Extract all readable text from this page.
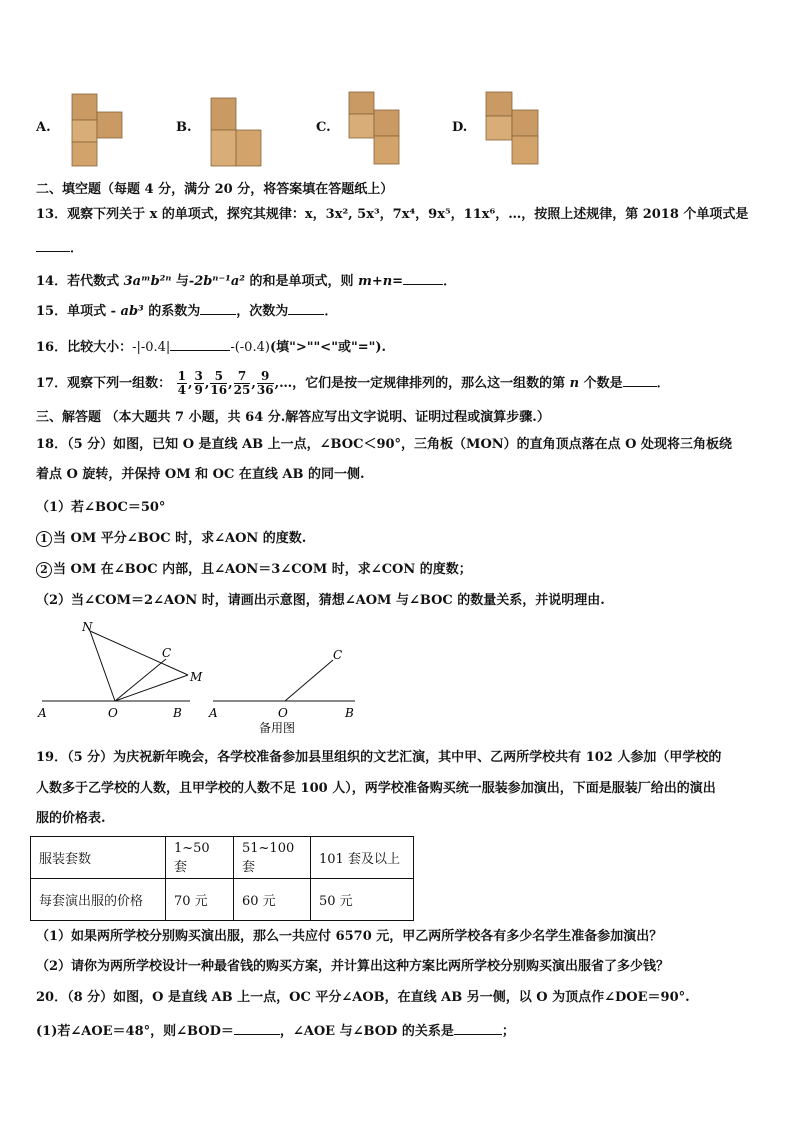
A.	B.	C.	D.
二、填空题（每题 4 分，满分 20 分，将答案填在答题纸上）
13．观察下列关于 x 的单项式，探究其规律：x，3x², 5x³，7x⁴，9x⁵，11x⁶，…，按照上述规律，第 2018 个单项式是
．
14．若代数式 3aᵐb²ⁿ 与-2bⁿ⁻¹a² 的和是单项式，则 m+n=	．
15．单项式 - ab³ 的系数为	，次数为	．
16．比较大小：-|-0.4|	-(-0.4)(填">""<"或"=").
17．观察下列一组数： $\frac{1}{4}$ , $\frac{3}{9}$ , $\frac{5}{16}$ , $\frac{7}{25}$ , $\frac{9}{36}$ ,…，它们是按一定规律排列的，那么这一组数的第 n 个数是	．
三、解答题 （本大题共 7 小题，共 64 分.解答应写出文字说明、证明过程或演算步骤.）
18．（5 分）如图，已知 O 是直线 AB 上一点，∠BOC＜90°，三角板（MON）的直角顶点落在点 O 处现将三角板绕
着点 O 旋转，并保持 OM 和 OC 在直线 AB 的同一侧.
（1）若∠BOC＝50°
1 当 OM 平分∠BOC 时，求∠AON 的度数.
2 当 OM 在∠BOC 内部，且∠AON＝3∠COM 时，求∠CON 的度数；
（2）当∠COM＝2∠AON 时，请画出示意图，猜想∠AOM 与∠BOC 的数量关系，并说明理由.
N
C
M
A	O	B
C
A	O	B
备用图
19．（5 分）为庆祝新年晚会，各学校准备参加县里组织的文艺汇演，其中甲、乙两所学校共有 102 人参加（甲学校的
人数多于乙学校的人数，且甲学校的人数不足 100 人），两学校准备购买统一服装参加演出，下面是服装厂给出的演出
服的价格表.
服装套数	1~50 套	51~100 套	101 套及以上
每套演出服的价格	70 元	60 元	50 元
（1）如果两所学校分别购买演出服，那么一共应付 6570 元，甲乙两所学校各有多少名学生准备参加演出？
（2）请你为两所学校设计一种最省钱的购买方案，并计算出这种方案比两所学校分别购买演出服省了多少钱？
20．（8 分）如图，O 是直线 AB 上一点，OC 平分∠AOB，在直线 AB 另一侧，以 O 为顶点作∠DOE＝90°.
(1)若∠AOE＝48°，则∠BOD＝	，∠AOE 与∠BOD 的关系是	；
